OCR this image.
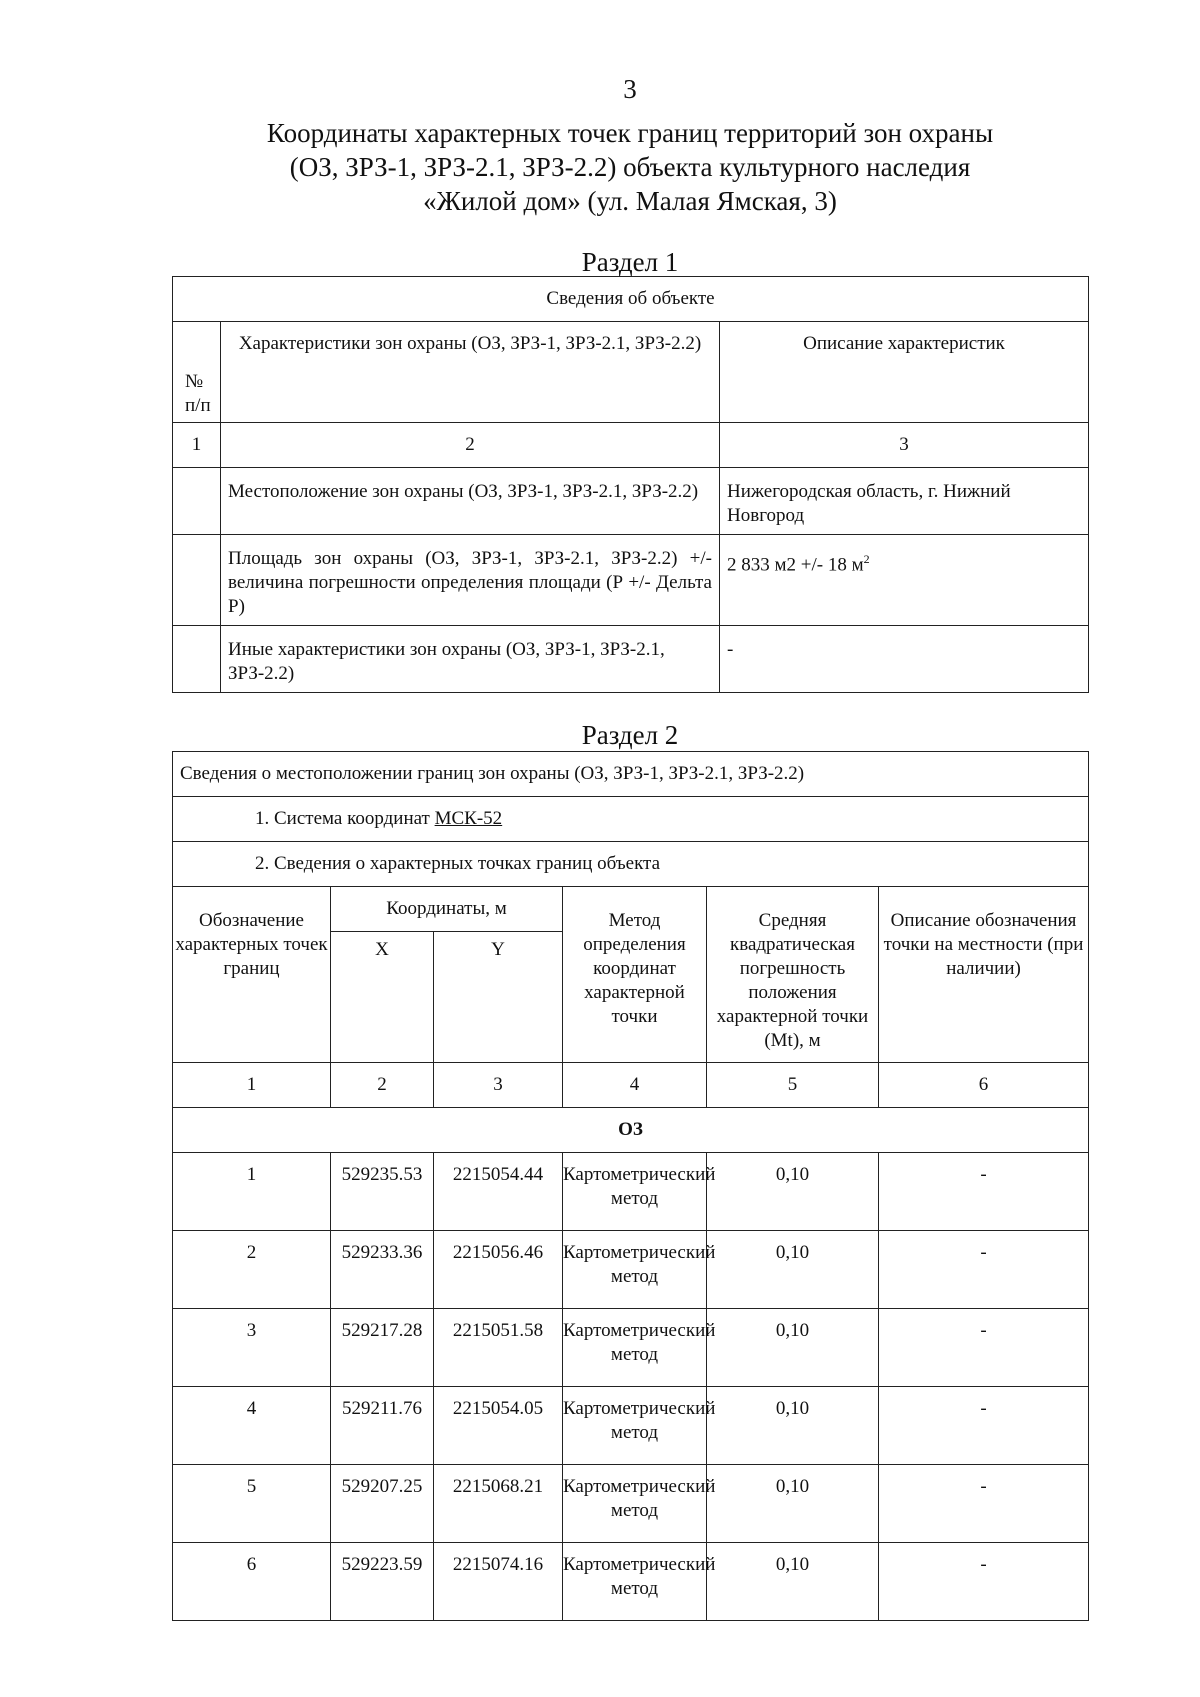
3
Координаты характерных точек границ территорий зон охраны
(ОЗ, ЗРЗ-1, ЗРЗ-2.1, ЗРЗ-2.2) объекта культурного наследия
«Жилой дом» (ул. Малая Ямская, 3)
Раздел 1
Сведения об объекте		
№ п/п	Характеристики зон охраны (ОЗ, ЗРЗ-1, ЗРЗ-2.1, ЗРЗ-2.2)	Описание характеристик
1	2	3
	Местоположение зон охраны (ОЗ, ЗРЗ-1, ЗРЗ-2.1, ЗРЗ-2.2)	Нижегородская область, г. Нижний Новгород
	Площадь зон охраны (ОЗ, ЗРЗ-1, ЗРЗ-2.1, ЗРЗ-2.2) +/- величина погрешности определения площади (Р +/- Дельта Р)	2 833 м2 +/- 18 $м^2$
	Иные характеристики зон охраны (ОЗ, ЗРЗ-1, ЗРЗ-2.1, ЗРЗ-2.2)	-
Раздел 2
Сведения о местоположении границ зон охраны (ОЗ, ЗРЗ-1, ЗРЗ-2.1, ЗРЗ-2.2)					
1. Система координат МСК-52					
2. Сведения о характерных точках границ объекта					
Обозначение характерных точек границ	Координаты, м		Метод определения координат характерной точки	Средняя квадратическая погрешность положения характерной точки (Mt), м	Описание обозначения точки на местности (при наличии)
	X	Y			
1	2	3	4	5	6
ОЗ					
1	529235.53	2215054.44	Картометрический метод	0,10	-
2	529233.36	2215056.46	Картометрический метод	0,10	-
3	529217.28	2215051.58	Картометрический метод	0,10	-
4	529211.76	2215054.05	Картометрический метод	0,10	-
5	529207.25	2215068.21	Картометрический метод	0,10	-
6	529223.59	2215074.16	Картометрический метод	0,10	-
